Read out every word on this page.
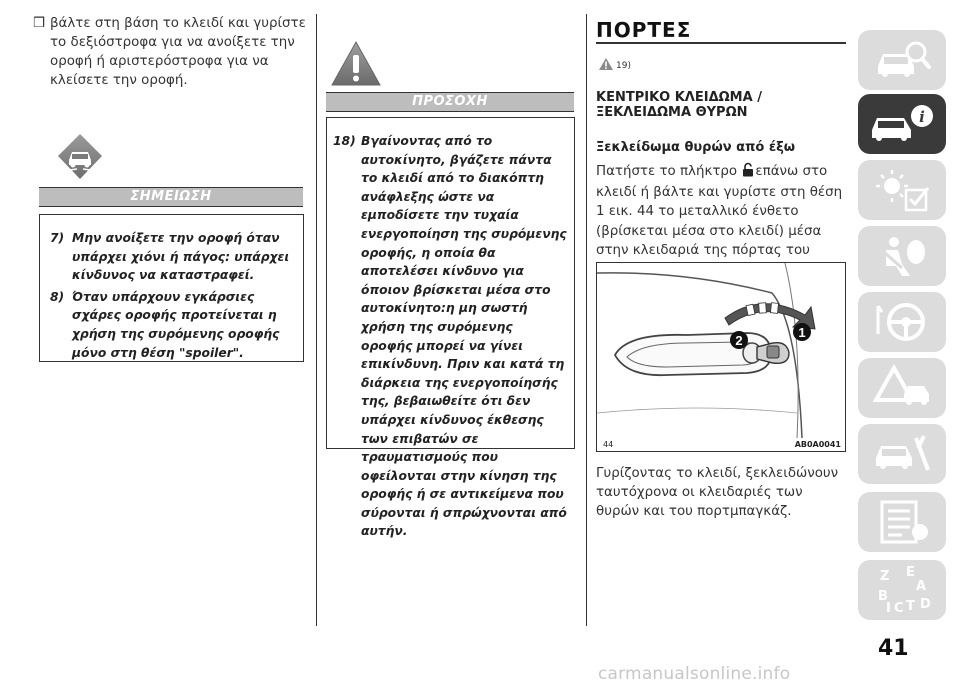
❒ βάλτε στη βάση το κλειδί και γυρίστε το δεξιόστροφα για να ανοίξετε την οροφή ή αριστερόστροφα για να κλείσετε την οροφή.
ΣΗΜΕΙΩΣΗ
7) Μην ανοίξετε την οροφή όταν υπάρχει χιόνι ή πάγος: υπάρχει κίνδυνος να καταστραφεί.
8) Όταν υπάρχουν εγκάρσιες σχάρες οροφής προτείνεται η χρήση της συρόμενης οροφής μόνο στη θέση "spoiler".
ΠΡΟΣΟΧΗ
18) Βγαίνοντας από το αυτοκίνητο, βγάζετε πάντα το κλειδί από το διακόπτη ανάφλεξης ώστε να εμποδίσετε την τυχαία ενεργοποίηση της συρόμενης οροφής, η οποία θα αποτελέσει κίνδυνο για όποιον βρίσκεται μέσα στο αυτοκίνητο:η μη σωστή χρήση της συρόμενης οροφής μπορεί να γίνει επικίνδυνη. Πριν και κατά τη διάρκεια της ενεργοποίησής της, βεβαιωθείτε ότι δεν υπάρχει κίνδυνος έκθεσης των επιβατών σε τραυματισμούς που οφείλονται στην κίνηση της οροφής ή σε αντικείμενα που σύρονται ή σπρώχνονται από αυτήν.
ΠΟΡΤΕΣ
19)
ΚΕΝΤΡΙΚΟ ΚΛΕΙΔΩΜΑ / ΞΕΚΛΕΙΔΩΜΑ ΘΥΡΩΝ
Ξεκλείδωμα θυρών από έξω
Πατήστε το πλήκτρο επάνω στο κλειδί ή βάλτε και γυρίστε στη θέση 1 εικ. 44 το μεταλλικό ένθετο (βρίσκεται μέσα στο κλειδί) μέσα στην κλειδαριά της πόρτας του
1
2
44	AB0A0041
Γυρίζοντας το κλειδί, ξεκλειδώνουν ταυτόχρονα οι κλειδαριές των θυρών και του πορτμπαγκάζ.
i
Z E
A
B
C T D
I
41
carmanualsonline.info
